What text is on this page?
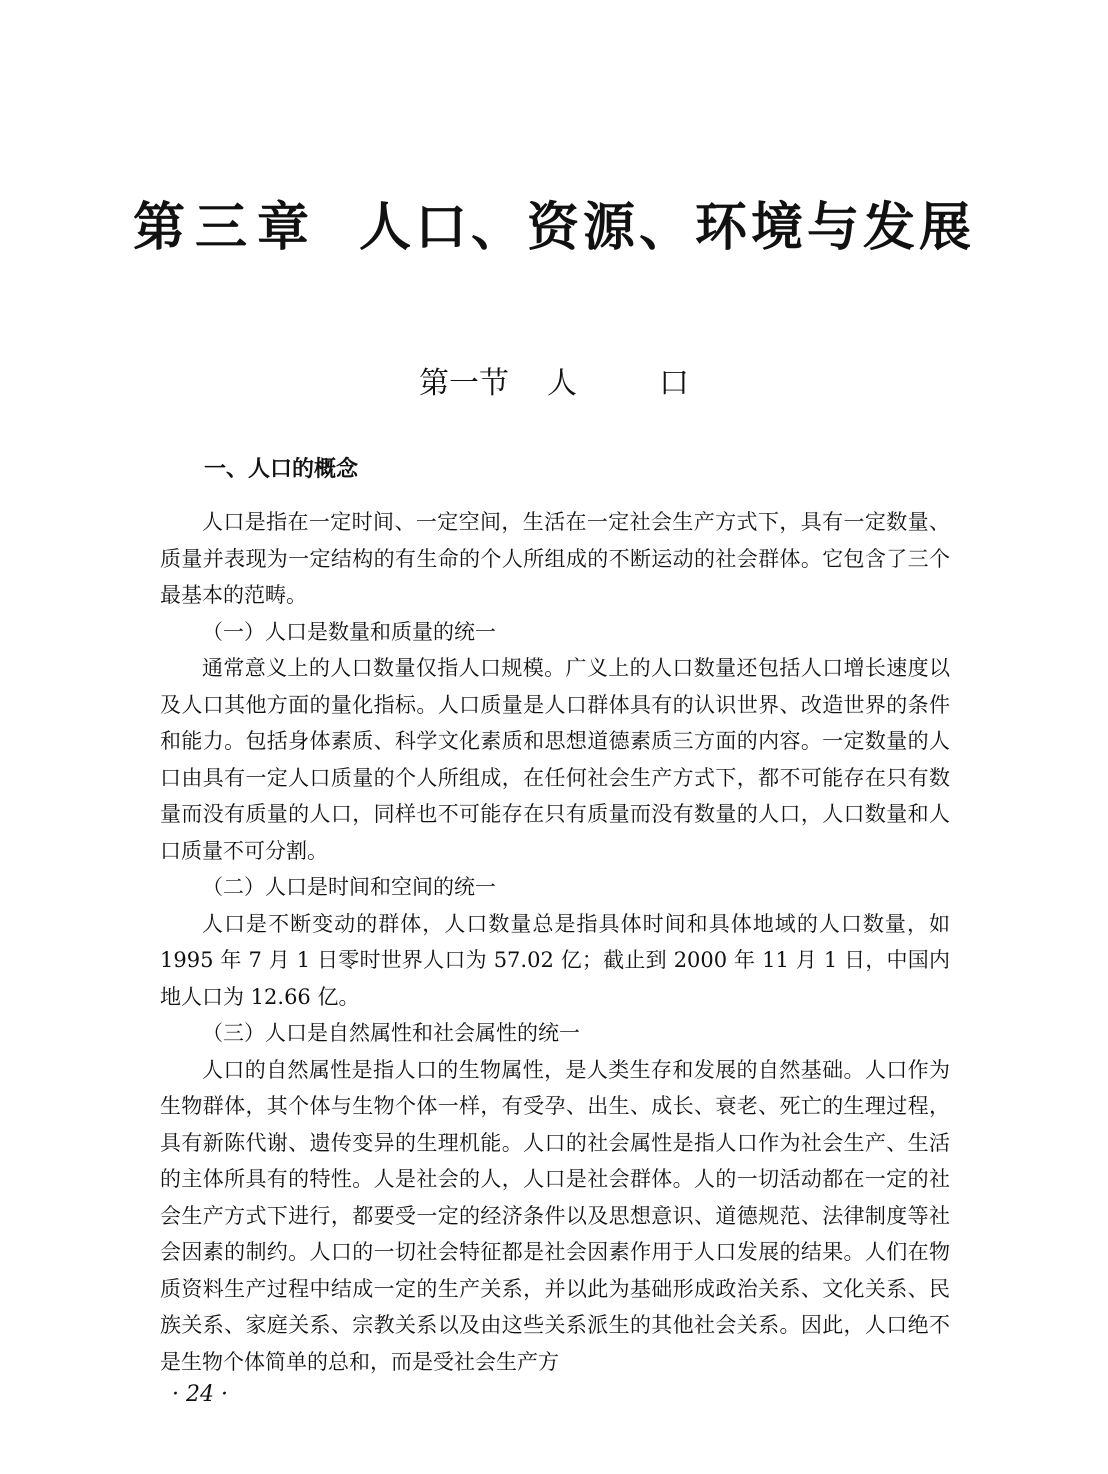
第三章 人口、资源、环境与发展
第一节 人	口
一、人口的概念

人口是指在一定时间、一定空间，生活在一定社会生产方式下，具有一定数量、质量并表现为一定结构的有生命的个人所组成的不断运动的社会群体。它包含了三个最基本的范畴。

（一）人口是数量和质量的统一

通常意义上的人口数量仅指人口规模。广义上的人口数量还包括人口增长速度以及人口其他方面的量化指标。人口质量是人口群体具有的认识世界、改造世界的条件和能力。包括身体素质、科学文化素质和思想道德素质三方面的内容。一定数量的人口由具有一定人口质量的个人所组成，在任何社会生产方式下，都不可能存在只有数量而没有质量的人口，同样也不可能存在只有质量而没有数量的人口，人口数量和人口质量不可分割。

（二）人口是时间和空间的统一

人口是不断变动的群体，人口数量总是指具体时间和具体地域的人口数量，如 1995 年 7 月 1 日零时世界人口为 57.02 亿；截止到 2000 年 11 月 1 日，中国内地人口为 12.66 亿。

（三）人口是自然属性和社会属性的统一

人口的自然属性是指人口的生物属性，是人类生存和发展的自然基础。人口作为生物群体，其个体与生物个体一样，有受孕、出生、成长、衰老、死亡的生理过程，具有新陈代谢、遗传变异的生理机能。人口的社会属性是指人口作为社会生产、生活的主体所具有的特性。人是社会的人，人口是社会群体。人的一切活动都在一定的社会生产方式下进行，都要受一定的经济条件以及思想意识、道德规范、法律制度等社会因素的制约。人口的一切社会特征都是社会因素作用于人口发展的结果。人们在物质资料生产过程中结成一定的生产关系，并以此为基础形成政治关系、文化关系、民族关系、家庭关系、宗教关系以及由这些关系派生的其他社会关系。因此，人口绝不是生物个体简单的总和，而是受社会生产方

· 24 ·
